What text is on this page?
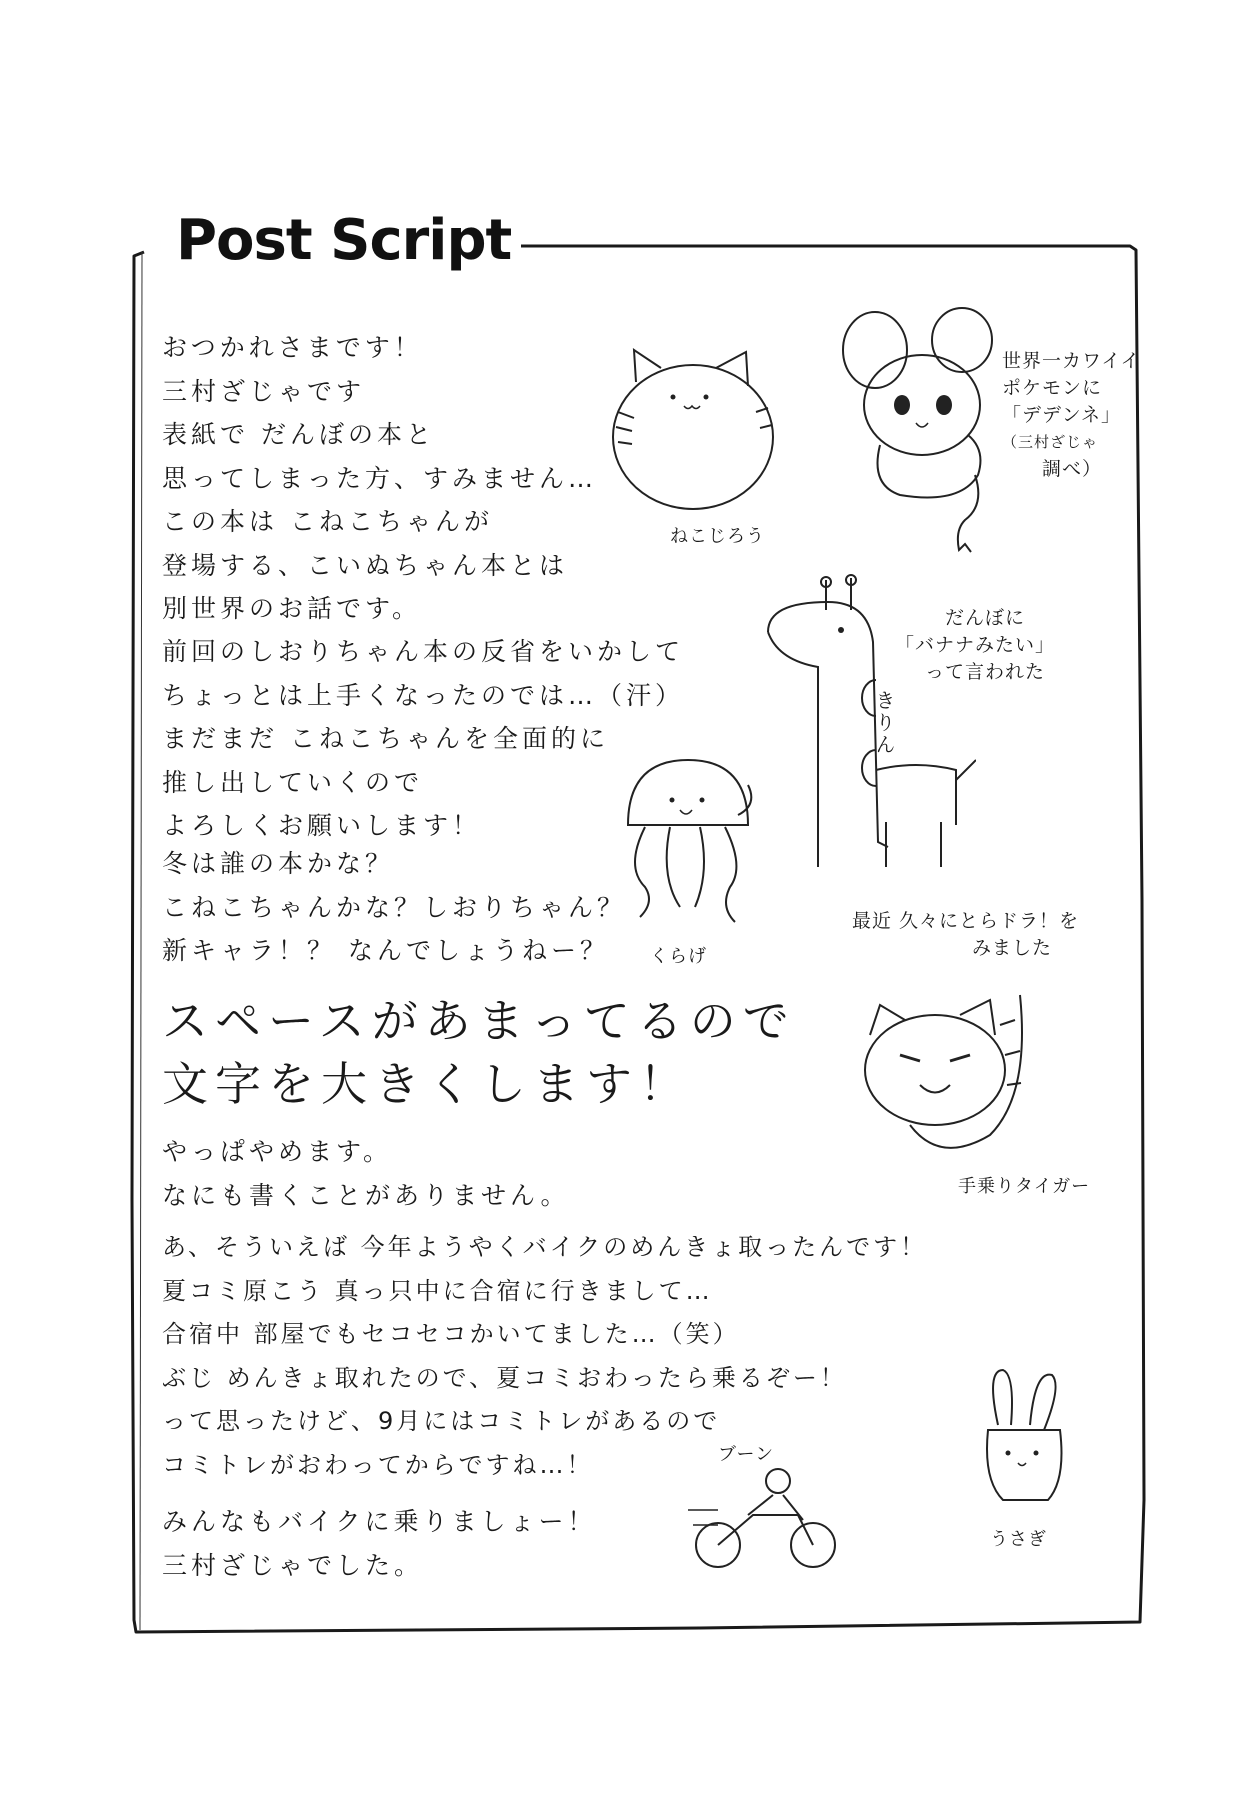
Post Script
おつかれさまです！
三村ざじゃです
表紙で だんぼの本と
思ってしまった方、すみません…
この本は こねこちゃんが
登場する、こいぬちゃん本とは
別世界のお話です。
前回のしおりちゃん本の反省をいかして
ちょっとは上手くなったのでは…（汗）
まだまだ こねこちゃんを全面的に
推し出していくので
よろしくお願いします！
冬は誰の本かな？
こねこちゃんかな？しおりちゃん？
新キャラ！？ なんでしょうねー？
スペースがあまってるので
文字を大きくします！
やっぱやめます。
なにも書くことがありません。
あ、そういえば 今年ようやくバイクのめんきょ取ったんです！
夏コミ原こう 真っ只中に合宿に行きまして…
合宿中 部屋でもセコセコかいてました…（笑）
ぶじ めんきょ取れたので、夏コミおわったら乗るぞー！
って思ったけど、9月にはコミトレがあるので
コミトレがおわってからですね…！
みんなもバイクに乗りましょー！
三村ざじゃでした。
ねこじろう
世界一カワイイ
ポケモンに
「デデンネ」
（三村ざじゃ
調べ）
だんぼに
「バナナみたい」
って言われた
きりん
くらげ
最近 久々にとらドラ！を
みました
手乗りタイガー
うさぎ
ブーン
